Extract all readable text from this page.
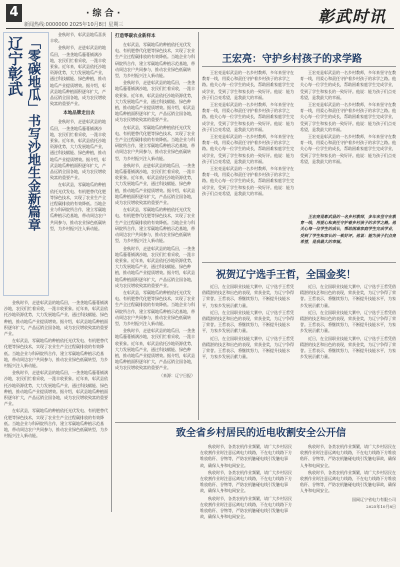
4	· 综 合 ·
新闻热线:0000000 2025年10月8日 星期三	彰武时讯
辽宁彰武 「零碳地瓜」书写沙地生金新篇章

金秋时节，彰武县地瓜喜获丰收。

金秋时节，走进彰武县的地瓜田，一垄垄地瓜藤蔓铺满沙地，农民们忙着采收，一派丰收景象。近年来，彰武县依托沙地资源优势，大力发展地瓜产业，通过科技赋能、绿色种植，推动地瓜产业提质增效。据介绍，彰武县地瓜种植面积逐年扩大，产品远销全国各地，成为农民增收致富的重要产业。

本地品牌走出去

金秋时节，走进彰武县的地瓜田，一垄垄地瓜藤蔓铺满沙地，农民们忙着采收，一派丰收景象。近年来，彰武县依托沙地资源优势，大力发展地瓜产业，通过科技赋能、绿色种植，推动地瓜产业提质增效。据介绍，彰武县地瓜种植面积逐年扩大，产品远销全国各地，成为农民增收致富的重要产业。

在彰武县，零碳地瓜的种植依托光伏发电、有机肥替代化肥等绿色技术，实现了农业生产全过程碳排放的有效降低。当地企业与科研院所合作，建立零碳地瓜种植示范基地，带动周边农户共同参与，推动农业绿色低碳转型，为乡村振兴注入新动能。

金秋时节，走进彰武县的地瓜田，一垄垄地瓜藤蔓铺满沙地，农民们忙着采收，一派丰收景象。近年来，彰武县依托沙地资源优势，大力发展地瓜产业，通过科技赋能、绿色种植，推动地瓜产业提质增效。据介绍，彰武县地瓜种植面积逐年扩大，产品远销全国各地，成为农民增收致富的重要产业。

在彰武县，零碳地瓜的种植依托光伏发电、有机肥替代化肥等绿色技术，实现了农业生产全过程碳排放的有效降低。当地企业与科研院所合作，建立零碳地瓜种植示范基地，带动周边农户共同参与，推动农业绿色低碳转型，为乡村振兴注入新动能。

金秋时节，走进彰武县的地瓜田，一垄垄地瓜藤蔓铺满沙地，农民们忙着采收，一派丰收景象。近年来，彰武县依托沙地资源优势，大力发展地瓜产业，通过科技赋能、绿色种植，推动地瓜产业提质增效。据介绍，彰武县地瓜种植面积逐年扩大，产品远销全国各地，成为农民增收致富的重要产业。

在彰武县，零碳地瓜的种植依托光伏发电、有机肥替代化肥等绿色技术，实现了农业生产全过程碳排放的有效降低。当地企业与科研院所合作，建立零碳地瓜种植示范基地，带动周边农户共同参与，推动农业绿色低碳转型，为乡村振兴注入新动能。

打造零碳农业新样本

在彰武县，零碳地瓜的种植依托光伏发电、有机肥替代化肥等绿色技术，实现了农业生产全过程碳排放的有效降低。当地企业与科研院所合作，建立零碳地瓜种植示范基地，带动周边农户共同参与，推动农业绿色低碳转型，为乡村振兴注入新动能。

金秋时节，走进彰武县的地瓜田，一垄垄地瓜藤蔓铺满沙地，农民们忙着采收，一派丰收景象。近年来，彰武县依托沙地资源优势，大力发展地瓜产业，通过科技赋能、绿色种植，推动地瓜产业提质增效。据介绍，彰武县地瓜种植面积逐年扩大，产品远销全国各地，成为农民增收致富的重要产业。

在彰武县，零碳地瓜的种植依托光伏发电、有机肥替代化肥等绿色技术，实现了农业生产全过程碳排放的有效降低。当地企业与科研院所合作，建立零碳地瓜种植示范基地，带动周边农户共同参与，推动农业绿色低碳转型，为乡村振兴注入新动能。

金秋时节，走进彰武县的地瓜田，一垄垄地瓜藤蔓铺满沙地，农民们忙着采收，一派丰收景象。近年来，彰武县依托沙地资源优势，大力发展地瓜产业，通过科技赋能、绿色种植，推动地瓜产业提质增效。据介绍，彰武县地瓜种植面积逐年扩大，产品远销全国各地，成为农民增收致富的重要产业。

在彰武县，零碳地瓜的种植依托光伏发电、有机肥替代化肥等绿色技术，实现了农业生产全过程碳排放的有效降低。当地企业与科研院所合作，建立零碳地瓜种植示范基地，带动周边农户共同参与，推动农业绿色低碳转型，为乡村振兴注入新动能。

金秋时节，走进彰武县的地瓜田，一垄垄地瓜藤蔓铺满沙地，农民们忙着采收，一派丰收景象。近年来，彰武县依托沙地资源优势，大力发展地瓜产业，通过科技赋能、绿色种植，推动地瓜产业提质增效。据介绍，彰武县地瓜种植面积逐年扩大，产品远销全国各地，成为农民增收致富的重要产业。

在彰武县，零碳地瓜的种植依托光伏发电、有机肥替代化肥等绿色技术，实现了农业生产全过程碳排放的有效降低。当地企业与科研院所合作，建立零碳地瓜种植示范基地，带动周边农户共同参与，推动农业绿色低碳转型，为乡村振兴注入新动能。

金秋时节，走进彰武县的地瓜田，一垄垄地瓜藤蔓铺满沙地，农民们忙着采收，一派丰收景象。近年来，彰武县依托沙地资源优势，大力发展地瓜产业，通过科技赋能、绿色种植，推动地瓜产业提质增效。据介绍，彰武县地瓜种植面积逐年扩大，产品远销全国各地，成为农民增收致富的重要产业。

（来源：辽宁日报）

王宏亮：守护乡村孩子的求学路

王宏亮是彰武县的一名乡村教师，多年来坚守在教育一线，用爱心和责任守护着乡村孩子的求学之路。他关心每一位学生的成长，帮助困难家庭学生完成学业，受到了学生和家长的一致好评。他说：能为孩子们点亮希望，是我最大的幸福。

王宏亮是彰武县的一名乡村教师，多年来坚守在教育一线，用爱心和责任守护着乡村孩子的求学之路。他关心每一位学生的成长，帮助困难家庭学生完成学业，受到了学生和家长的一致好评。他说：能为孩子们点亮希望，是我最大的幸福。

王宏亮是彰武县的一名乡村教师，多年来坚守在教育一线，用爱心和责任守护着乡村孩子的求学之路。他关心每一位学生的成长，帮助困难家庭学生完成学业，受到了学生和家长的一致好评。他说：能为孩子们点亮希望，是我最大的幸福。

王宏亮是彰武县的一名乡村教师，多年来坚守在教育一线，用爱心和责任守护着乡村孩子的求学之路。他关心每一位学生的成长，帮助困难家庭学生完成学业，受到了学生和家长的一致好评。他说：能为孩子们点亮希望，是我最大的幸福。

王宏亮是彰武县的一名乡村教师，多年来坚守在教育一线，用爱心和责任守护着乡村孩子的求学之路。他关心每一位学生的成长，帮助困难家庭学生完成学业，受到了学生和家长的一致好评。他说：能为孩子们点亮希望，是我最大的幸福。

王宏亮是彰武县的一名乡村教师，多年来坚守在教育一线，用爱心和责任守护着乡村孩子的求学之路。他关心每一位学生的成长，帮助困难家庭学生完成学业，受到了学生和家长的一致好评。他说：能为孩子们点亮希望，是我最大的幸福。

王宏亮是彰武县的一名乡村教师，多年来坚守在教育一线，用爱心和责任守护着乡村孩子的求学之路。他关心每一位学生的成长，帮助困难家庭学生完成学业，受到了学生和家长的一致好评。他说：能为孩子们点亮希望，是我最大的幸福。

王宏亮是彰武县的一名乡村教师，多年来坚守在教育一线，用爱心和责任守护着乡村孩子的求学之路。他关心每一位学生的成长，帮助困难家庭学生完成学业，受到了学生和家长的一致好评。他说：能为孩子们点亮希望，是我最大的幸福。

祝贺辽宁选手王哲，全国金奖！

近日，在全国职业技能大赛中，辽宁选手王哲凭借精湛的技艺和出色的表现，荣获金奖，为辽宁争得了荣誉。王哲表示，将继续努力，不断提升技能水平，为家乡发展贡献力量。

近日，在全国职业技能大赛中，辽宁选手王哲凭借精湛的技艺和出色的表现，荣获金奖，为辽宁争得了荣誉。王哲表示，将继续努力，不断提升技能水平，为家乡发展贡献力量。

近日，在全国职业技能大赛中，辽宁选手王哲凭借精湛的技艺和出色的表现，荣获金奖，为辽宁争得了荣誉。王哲表示，将继续努力，不断提升技能水平，为家乡发展贡献力量。

近日，在全国职业技能大赛中，辽宁选手王哲凭借精湛的技艺和出色的表现，荣获金奖，为辽宁争得了荣誉。王哲表示，将继续努力，不断提升技能水平，为家乡发展贡献力量。

近日，在全国职业技能大赛中，辽宁选手王哲凭借精湛的技艺和出色的表现，荣获金奖，为辽宁争得了荣誉。王哲表示，将继续努力，不断提升技能水平，为家乡发展贡献力量。

近日，在全国职业技能大赛中，辽宁选手王哲凭借精湛的技艺和出色的表现，荣获金奖，为辽宁争得了荣誉。王哲表示，将继续努力，不断提升技能水平，为家乡发展贡献力量。

致全省乡村居民的近电收割安全公开信

秋收时节，各类农机作业频繁，请广大乡村居民在收割作业时注意远离电力线路，不在电力线路下方堆放秸秆、谷物等，严防农机触碰电线引发触电事故，确保人身和电网安全。

秋收时节，各类农机作业频繁，请广大乡村居民在收割作业时注意远离电力线路，不在电力线路下方堆放秸秆、谷物等，严防农机触碰电线引发触电事故，确保人身和电网安全。

秋收时节，各类农机作业频繁，请广大乡村居民在收割作业时注意远离电力线路，不在电力线路下方堆放秸秆、谷物等，严防农机触碰电线引发触电事故，确保人身和电网安全。

秋收时节，各类农机作业频繁，请广大乡村居民在收割作业时注意远离电力线路，不在电力线路下方堆放秸秆、谷物等，严防农机触碰电线引发触电事故，确保人身和电网安全。

秋收时节，各类农机作业频繁，请广大乡村居民在收割作业时注意远离电力线路，不在电力线路下方堆放秸秆、谷物等，严防农机触碰电线引发触电事故，确保人身和电网安全。

国网辽宁省电力有限公司

2025年10月8日
